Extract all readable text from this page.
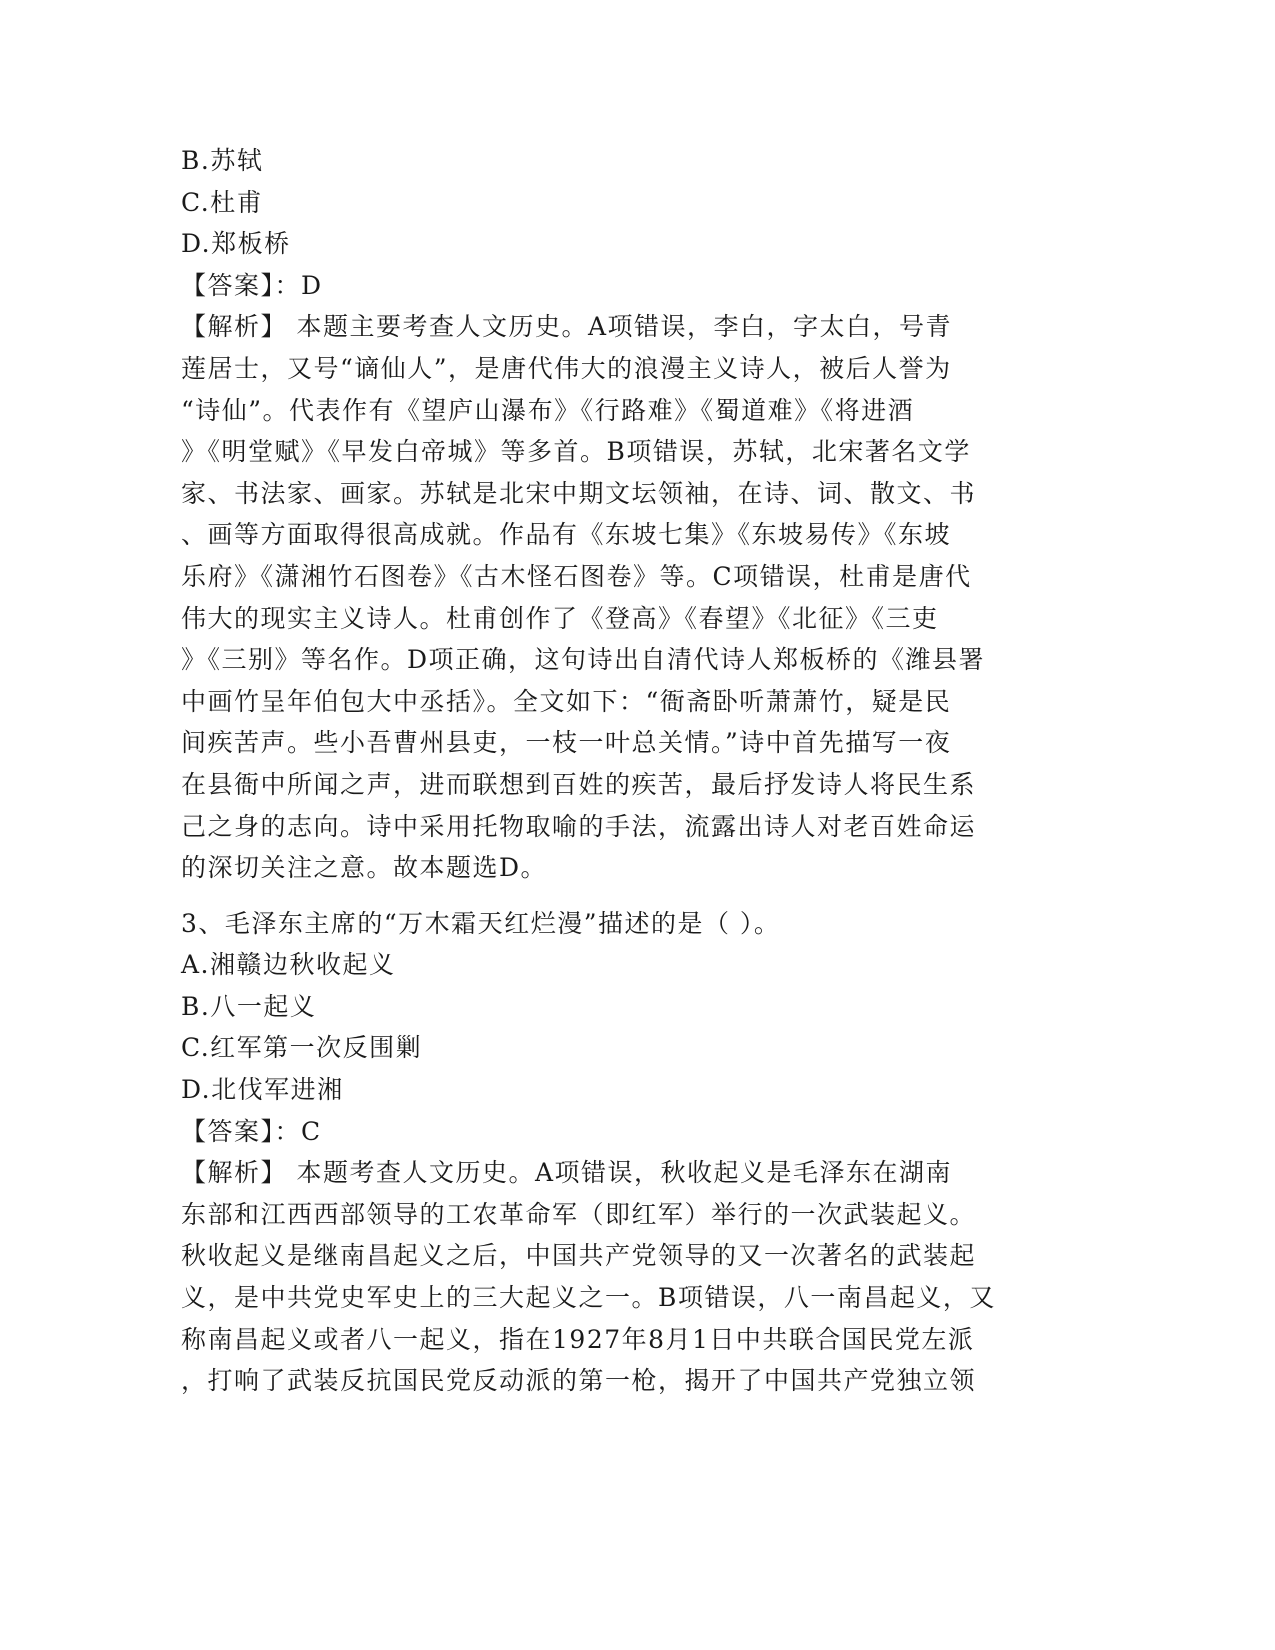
B.苏轼
C.杜甫
D.郑板桥
【答案】：D
【解析】 本题主要考查人文历史。A项错误，李白，字太白，号青
莲居士，又号“谪仙人”，是唐代伟大的浪漫主义诗人，被后人誉为
“诗仙”。代表作有《望庐山瀑布》《行路难》《蜀道难》《将进酒
》《明堂赋》《早发白帝城》等多首。B项错误，苏轼，北宋著名文学
家、书法家、画家。苏轼是北宋中期文坛领袖，在诗、词、散文、书
、画等方面取得很高成就。作品有《东坡七集》《东坡易传》《东坡
乐府》《潇湘竹石图卷》《古木怪石图卷》等。C项错误，杜甫是唐代
伟大的现实主义诗人。杜甫创作了《登高》《春望》《北征》《三吏
》《三别》等名作。D项正确，这句诗出自清代诗人郑板桥的《潍县署
中画竹呈年伯包大中丞括》。全文如下：“衙斋卧听萧萧竹，疑是民
间疾苦声。些小吾曹州县吏，一枝一叶总关情。”诗中首先描写一夜
在县衙中所闻之声，进而联想到百姓的疾苦，最后抒发诗人将民生系
己之身的志向。诗中采用托物取喻的手法，流露出诗人对老百姓命运
的深切关注之意。故本题选D。
3、毛泽东主席的“万木霜天红烂漫”描述的是（ ）。
A.湘赣边秋收起义
B.八一起义
C.红军第一次反围剿
D.北伐军进湘
【答案】：C
【解析】 本题考查人文历史。A项错误，秋收起义是毛泽东在湖南
东部和江西西部领导的工农革命军（即红军）举行的一次武装起义。
秋收起义是继南昌起义之后，中国共产党领导的又一次著名的武装起
义，是中共党史军史上的三大起义之一。B项错误，八一南昌起义，又
称南昌起义或者八一起义，指在1927年8月1日中共联合国民党左派
，打响了武装反抗国民党反动派的第一枪，揭开了中国共产党独立领
